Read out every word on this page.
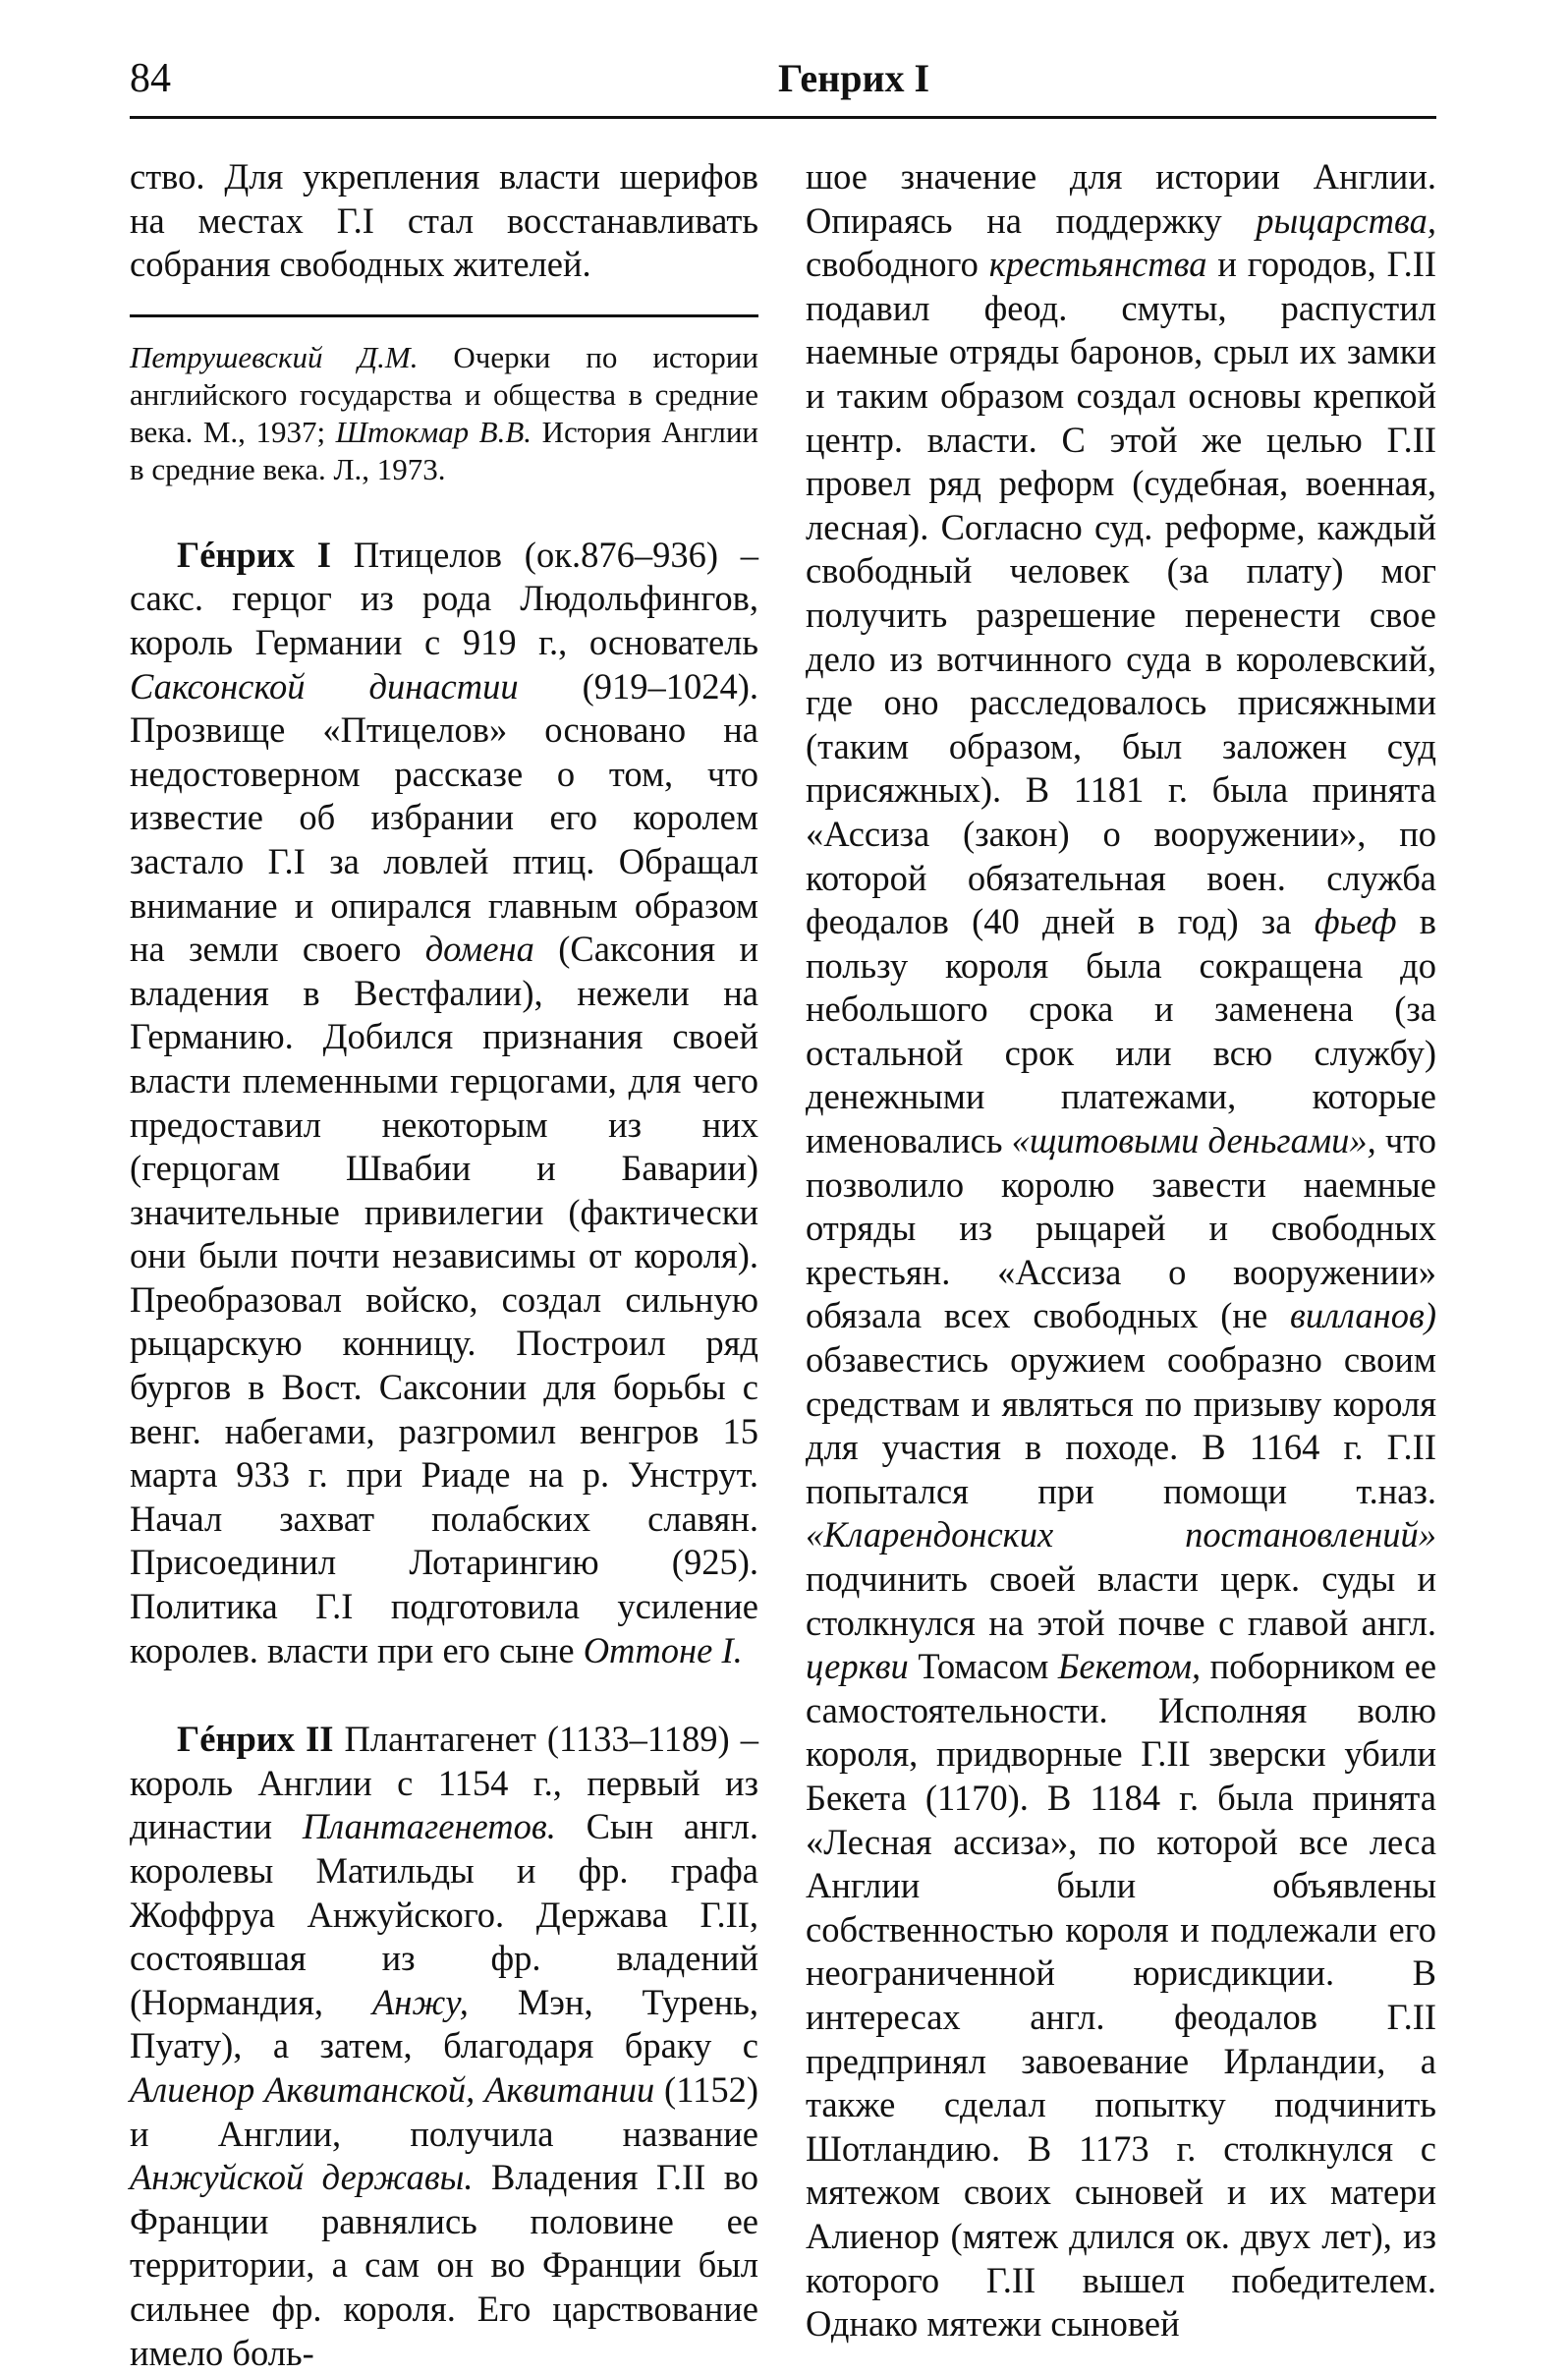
84	Генрих I

ство. Для укрепления власти шерифов на местах Г.I стал восстанавливать собрания свободных жителей.

Петрушевский Д.М. Очерки по истории английского государства и общества в средние века. М., 1937; Штокмар В.В. История Англии в средние века. Л., 1973.

Гéнрих I Птицелов (ок.876–936) – сакс. герцог из рода Людольфингов, король Германии с 919 г., основатель Саксонской династии (919–1024). Прозвище «Птицелов» основано на недостоверном рассказе о том, что известие об избрании его королем застало Г.I за ловлей птиц. Обращал внимание и опирался главным образом на земли своего домена (Саксония и владения в Вестфалии), нежели на Германию. Добился признания своей власти племенными герцогами, для чего предоставил некоторым из них (герцогам Швабии и Баварии) значительные привилегии (фактически они были почти независимы от короля). Преобразовал войско, создал сильную рыцарскую конницу. Построил ряд бургов в Вост. Саксонии для борьбы с венг. набегами, разгромил венгров 15 марта 933 г. при Риаде на р. Унструт. Начал захват полабских славян. Присоединил Лотарингию (925). Политика Г.I подготовила усиление королев. власти при его сыне Оттоне I.

Гéнрих II Плантагенет (1133–1189) – король Англии с 1154 г., первый из династии Плантагенетов. Сын англ. королевы Матильды и фр. графа Жоффруа Анжуйского. Держава Г.II, состоявшая из фр. владений (Нормандия, Анжу, Мэн, Турень, Пуату), а затем, благодаря браку с Алиенор Аквитанской, Аквитании (1152) и Англии, получила название Анжуйской державы. Владения Г.II во Франции равнялись половине ее территории, а сам он во Франции был сильнее фр. короля. Его царствование имело боль-

шое значение для истории Англии. Опираясь на поддержку рыцарства, свободного крестьянства и городов, Г.II подавил феод. смуты, распустил наемные отряды баронов, срыл их замки и таким образом создал основы крепкой центр. власти. С этой же целью Г.II провел ряд реформ (судебная, военная, лесная). Согласно суд. реформе, каждый свободный человек (за плату) мог получить разрешение перенести свое дело из вотчинного суда в королевский, где оно расследовалось присяжными (таким образом, был заложен суд присяжных). В 1181 г. была принята «Ассиза (закон) о вооружении», по которой обязательная воен. служба феодалов (40 дней в год) за фьеф в пользу короля была сокращена до небольшого срока и заменена (за остальной срок или всю службу) денежными платежами, которые именовались «щитовыми деньгами», что позволило королю завести наемные отряды из рыцарей и свободных крестьян. «Ассиза о вооружении» обязала всех свободных (не вилланов) обзавестись оружием сообразно своим средствам и являться по призыву короля для участия в походе. В 1164 г. Г.II попытался при помощи т.наз. «Кларендонских постановлений» подчинить своей власти церк. суды и столкнулся на этой почве с главой англ. церкви Томасом Бекетом, поборником ее самостоятельности. Исполняя волю короля, придворные Г.II зверски убили Бекета (1170). В 1184 г. была принята «Лесная ассиза», по которой все леса Англии были объявлены собственностью короля и подлежали его неограниченной юрисдикции. В интересах англ. феодалов Г.II предпринял завоевание Ирландии, а также сделал попытку подчинить Шотландию. В 1173 г. столкнулся с мятежом своих сыновей и их матери Алиенор (мятеж длился ок. двух лет), из которого Г.II вышел победителем. Однако мятежи сыновей
